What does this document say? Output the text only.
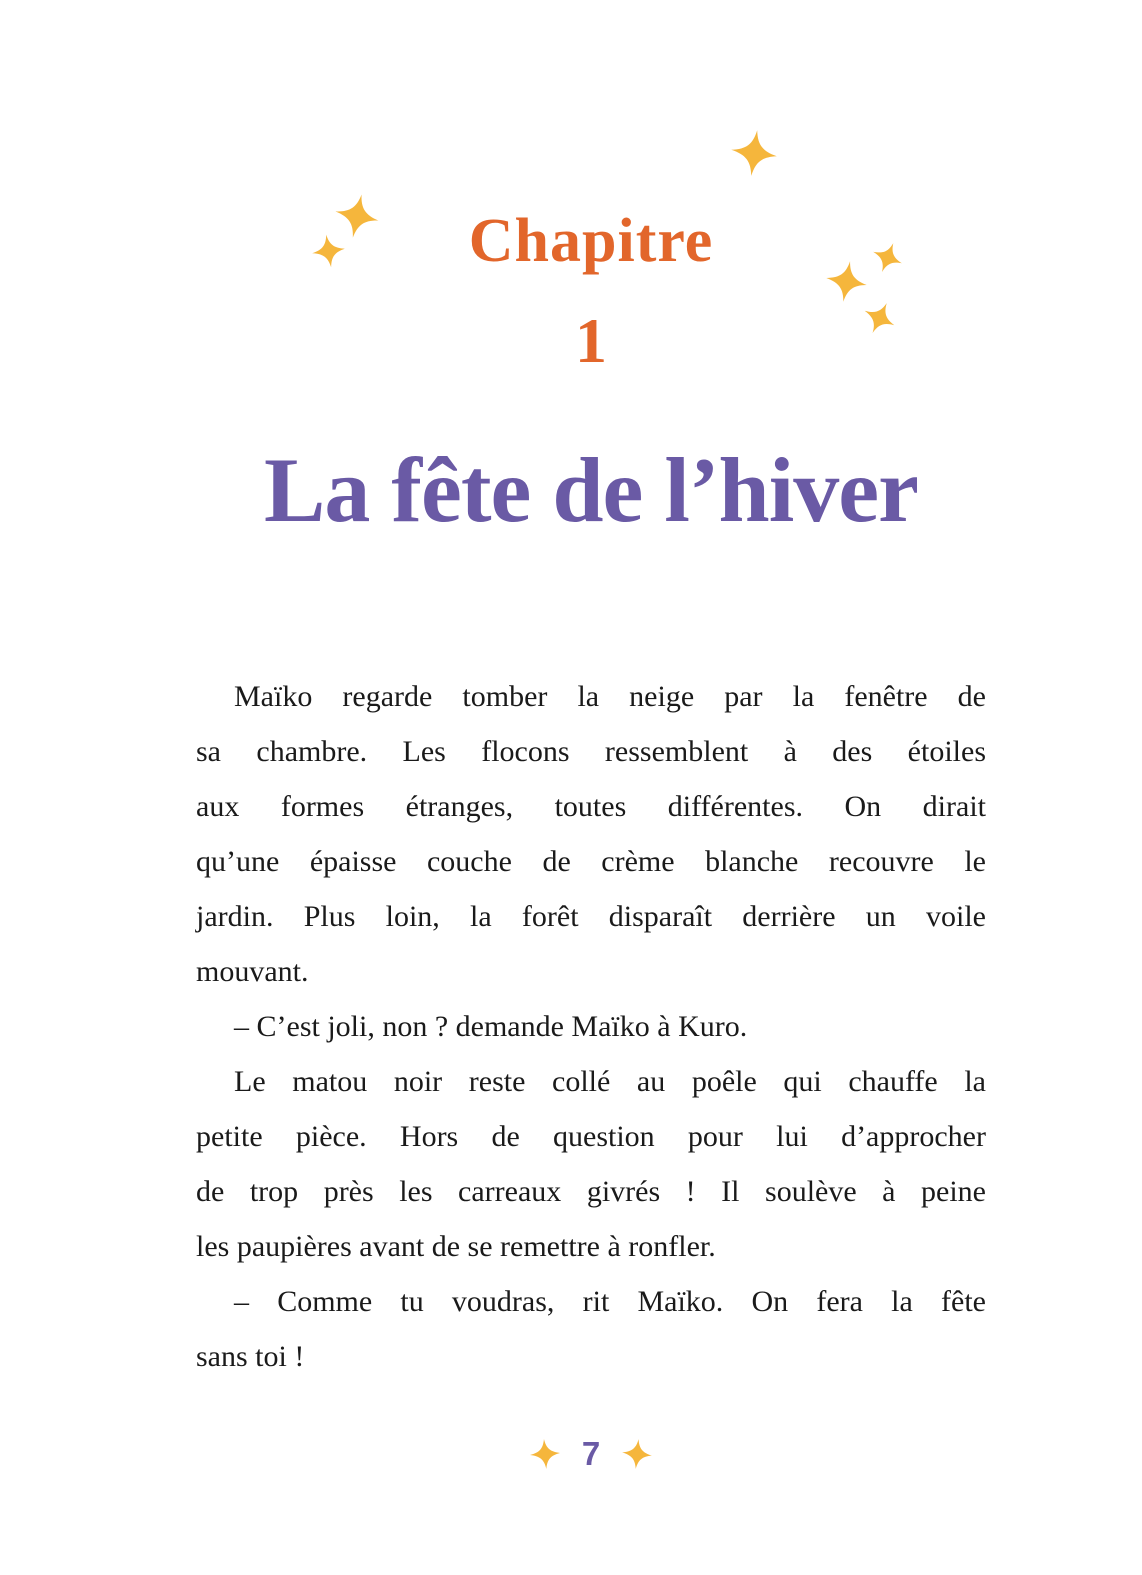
Chapitre
1
La fête de l’hiver
Maïko regarde tomber la neige par la fenêtre de
sa chambre. Les flocons ressemblent à des étoiles
aux formes étranges, toutes différentes. On dirait
qu’une épaisse couche de crème blanche recouvre le
jardin. Plus loin, la forêt disparaît derrière un voile
mouvant.
– C’est joli, non ? demande Maïko à Kuro.
Le matou noir reste collé au poêle qui chauffe la
petite pièce. Hors de question pour lui d’approcher
de trop près les carreaux givrés ! Il soulève à peine
les paupières avant de se remettre à ronfler.
– Comme tu voudras, rit Maïko. On fera la fête
sans toi !
7
